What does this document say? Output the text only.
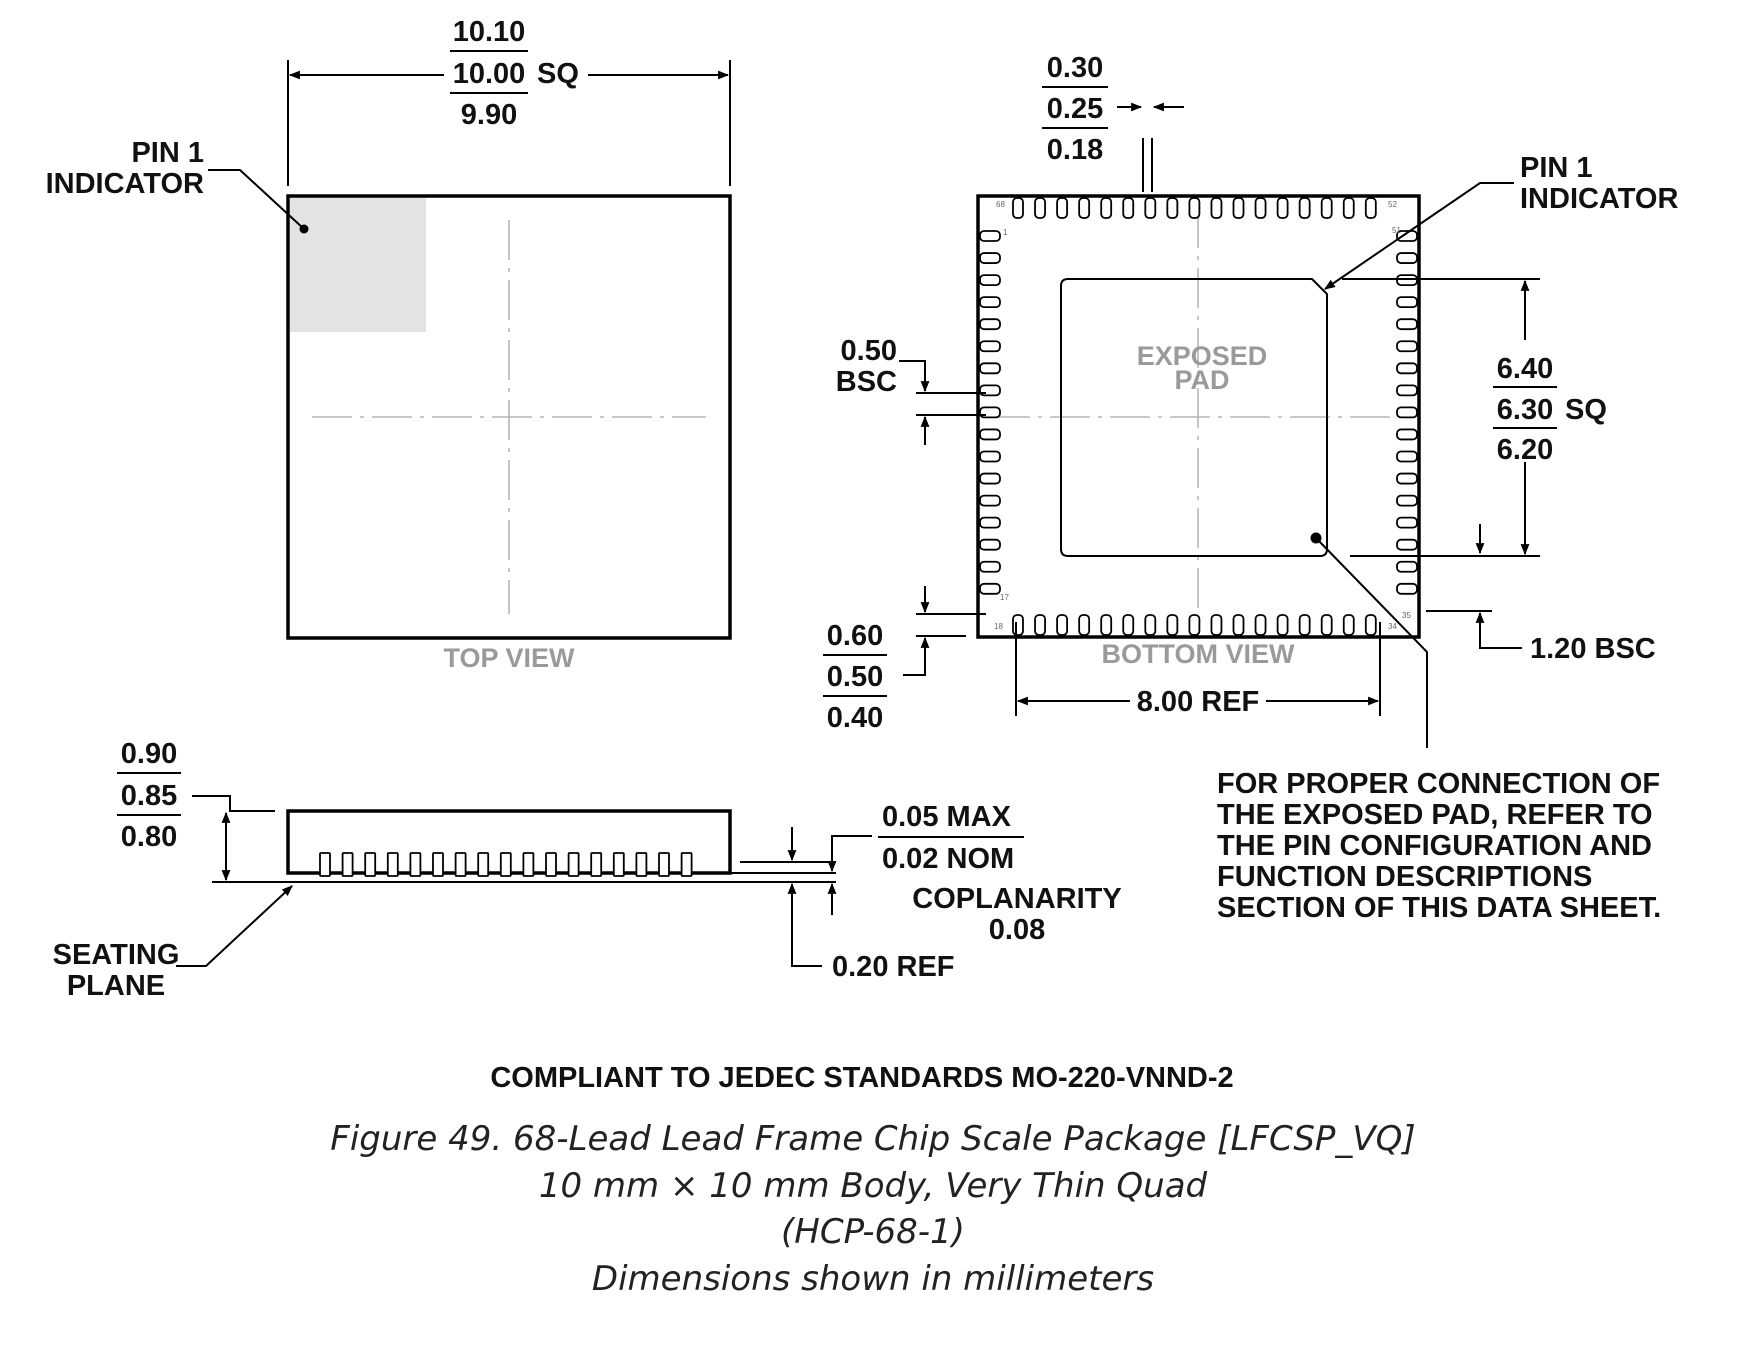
10.10
10.00
9.90
SQ
PIN 1
INDICATOR
TOP VIEW
EXPOSED
PAD
68
1
17
18	34
35
51
52
0.30
0.25
0.18
PIN 1
INDICATOR
0.50
BSC	6.40
6.30
6.20
SQ
1.20 BSC
0.60
0.50
0.40	8.00 REF
BOTTOM VIEW
FOR PROPER CONNECTION OF
THE EXPOSED PAD, REFER TO
THE PIN CONFIGURATION AND
FUNCTION DESCRIPTIONS
SECTION OF THIS DATA SHEET.
0.90
0.85
0.80
0.05 MAX
0.02 NOM
COPLANARITY
0.08
0.20 REF
SEATING
PLANE
COMPLIANT TO JEDEC STANDARDS MO-220-VNND-2
Figure 49. 68-Lead Lead Frame Chip Scale Package [LFCSP_VQ]
10 mm × 10 mm Body, Very Thin Quad
(HCP-68-1)
Dimensions shown in millimeters
